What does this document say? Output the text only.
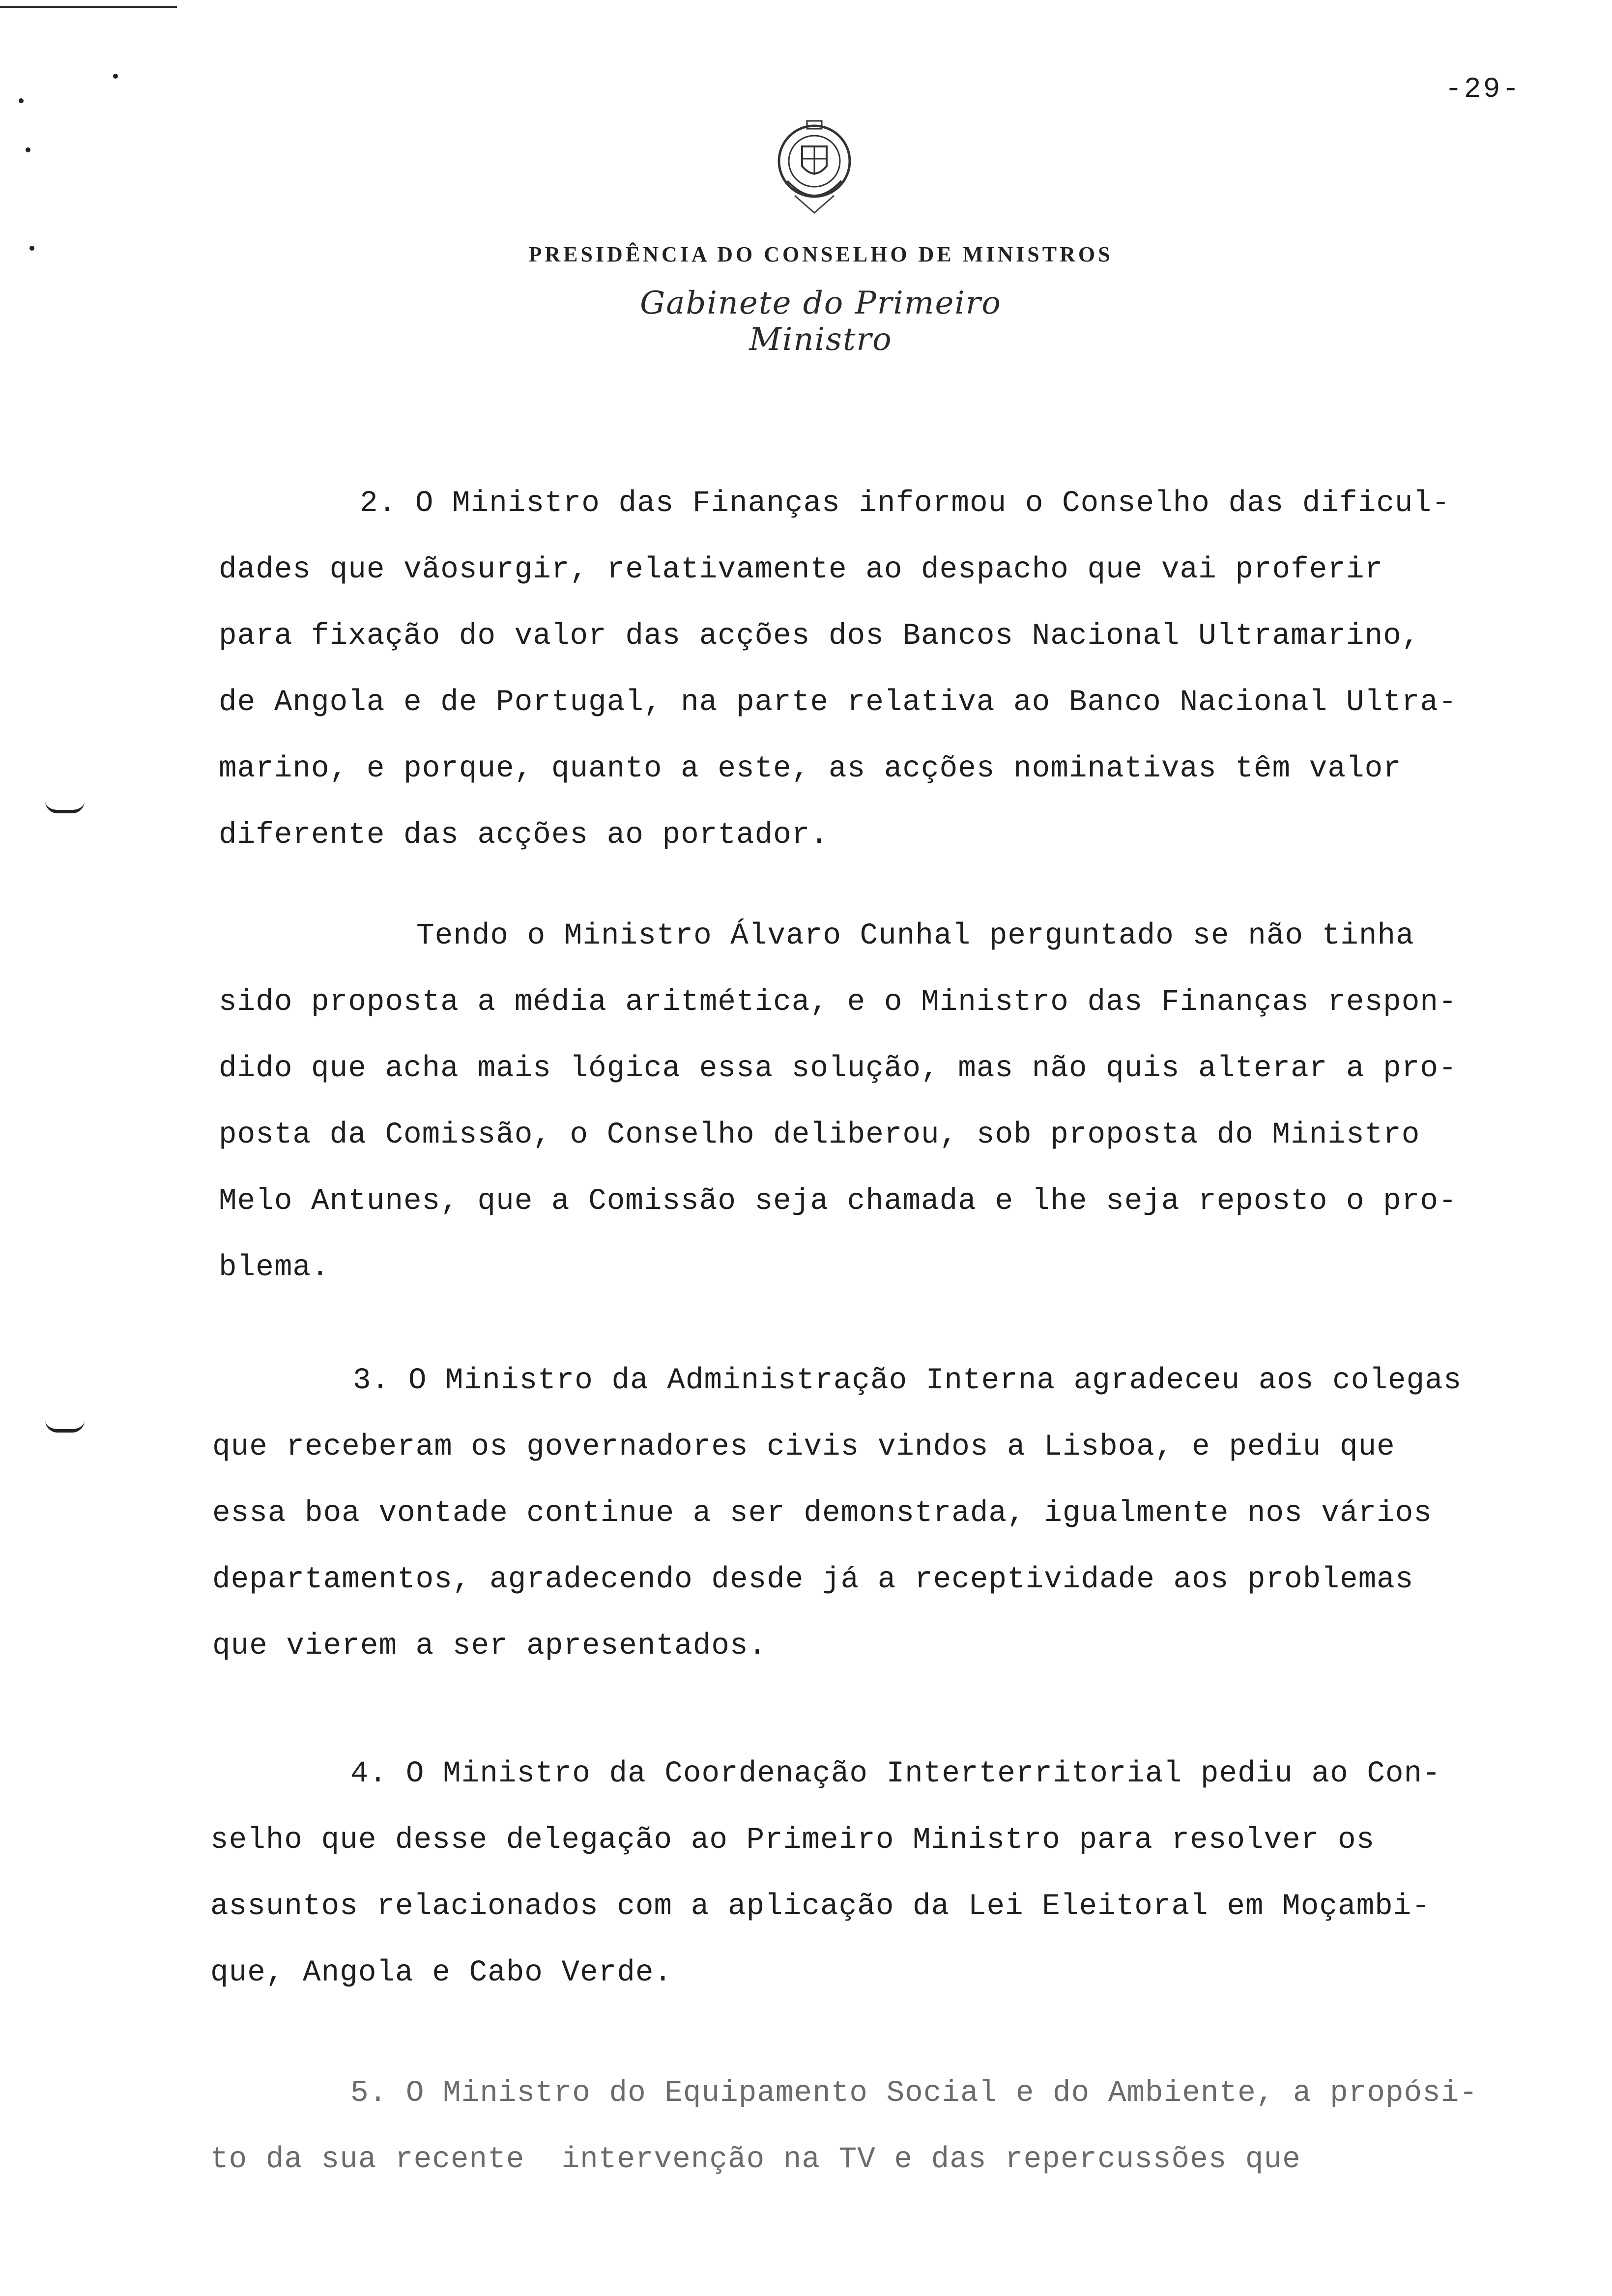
-29-
PRESIDÊNCIA DO CONSELHO DE MINISTROS
Gabinete do Primeiro Ministro
2. O Ministro das Finanças informou o Conselho das dificul-
dades que vãosurgir, relativamente ao despacho que vai proferir
para fixação do valor das acções dos Bancos Nacional Ultramarino,
de Angola e de Portugal, na parte relativa ao Banco Nacional Ultra-
marino, e porque, quanto a este, as acções nominativas têm valor
diferente das acções ao portador.
Tendo o Ministro Álvaro Cunhal perguntado se não tinha
sido proposta a média aritmética, e o Ministro das Finanças respon-
dido que acha mais lógica essa solução, mas não quis alterar a pro-
posta da Comissão, o Conselho deliberou, sob proposta do Ministro
Melo Antunes, que a Comissão seja chamada e lhe seja reposto o pro-
blema.
3. O Ministro da Administração Interna agradeceu aos colegas
que receberam os governadores civis vindos a Lisboa, e pediu que
essa boa vontade continue a ser demonstrada, igualmente nos vários
departamentos, agradecendo desde já a receptividade aos problemas
que vierem a ser apresentados.
4. O Ministro da Coordenação Interterritorial pediu ao Con-
selho que desse delegação ao Primeiro Ministro para resolver os
assuntos relacionados com a aplicação da Lei Eleitoral em Moçambi-
que, Angola e Cabo Verde.
5. O Ministro do Equipamento Social e do Ambiente, a propósi-
to da sua recente  intervenção na TV e das repercussões que
